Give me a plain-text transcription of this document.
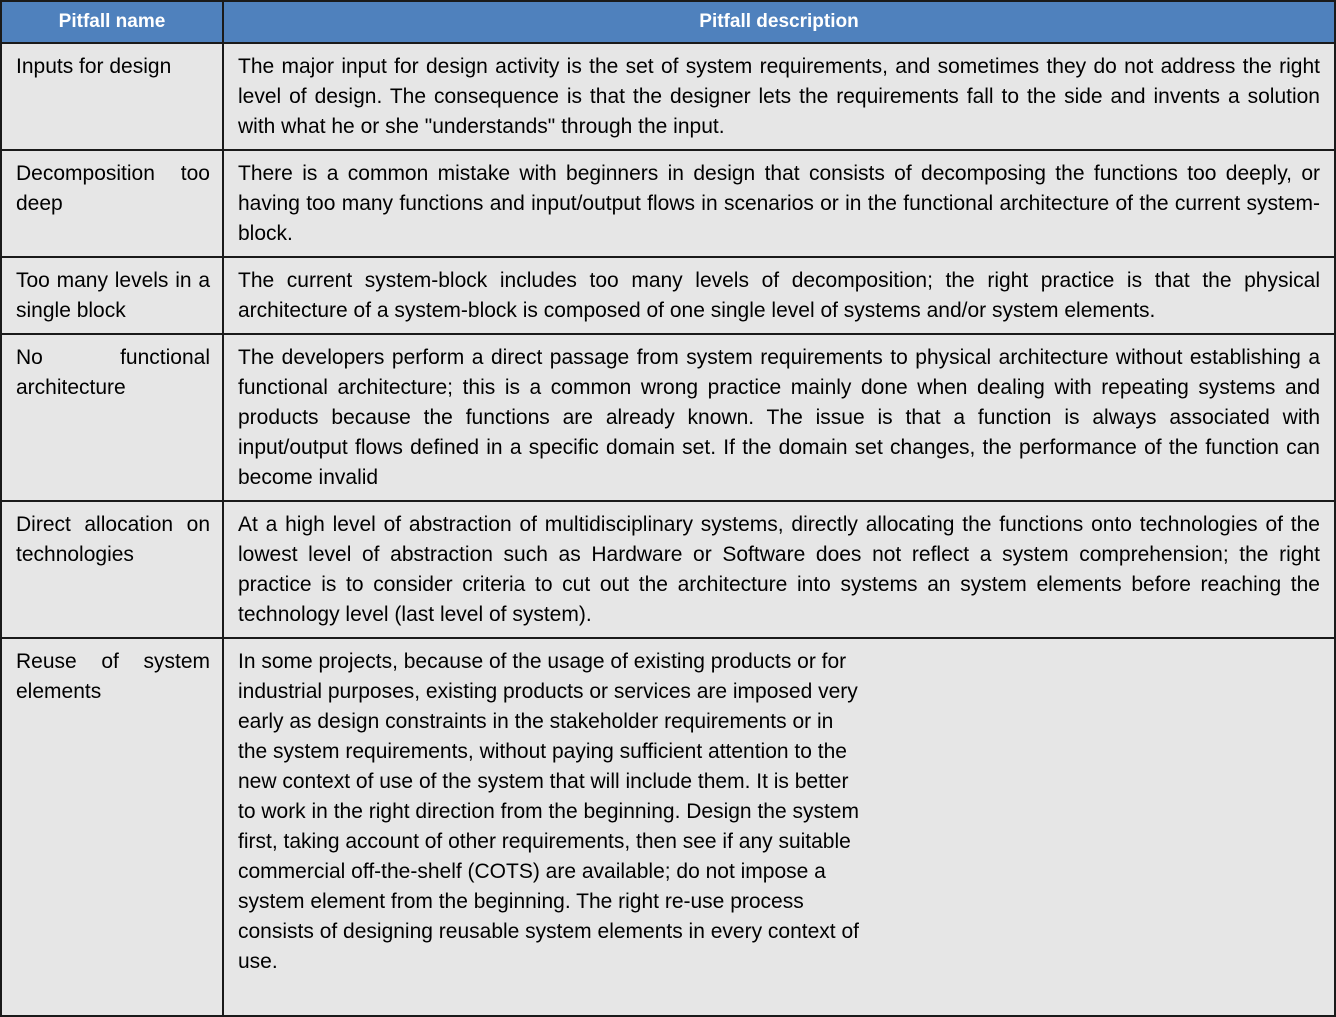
Pitfall name	Pitfall description
Inputs for design	The major input for design activity is the set of system requirements, and sometimes they do not address the right level of design. The consequence is that the designer lets the requirements fall to the side and invents a solution with what he or she "understands" through the input.
Decomposition too deep	There is a common mistake with beginners in design that consists of decomposing the functions too deeply, or having too many functions and input/output flows in scenarios or in the functional architecture of the current system-block.
Too many levels in a single block	The current system-block includes too many levels of decomposition; the right practice is that the physical architecture of a system-block is composed of one single level of systems and/or system elements.
No functional architecture	The developers perform a direct passage from system requirements to physical architecture without establishing a functional architecture; this is a common wrong practice mainly done when dealing with repeating systems and products because the functions are already known. The issue is that a function is always associated with input/output flows defined in a specific domain set. If the domain set changes, the performance of the function can become invalid
Direct allocation on technologies	At a high level of abstraction of multidisciplinary systems, directly allocating the functions onto technologies of the lowest level of abstraction such as Hardware or Software does not reflect a system comprehension; the right practice is to consider criteria to cut out the architecture into systems an system elements before reaching the technology level (last level of system).
Reuse of system elements	In some projects, because of the usage of existing products or for industrial purposes, existing products or services are imposed very early as design constraints in the stakeholder requirements or in the system requirements, without paying sufficient attention to the new context of use of the system that will include them. It is better to work in the right direction from the beginning. Design the system first, taking account of other requirements, then see if any suitable commercial off-the-shelf (COTS) are available; do not impose a system element from the beginning. The right re-use process consists of designing reusable system elements in every context of use.
